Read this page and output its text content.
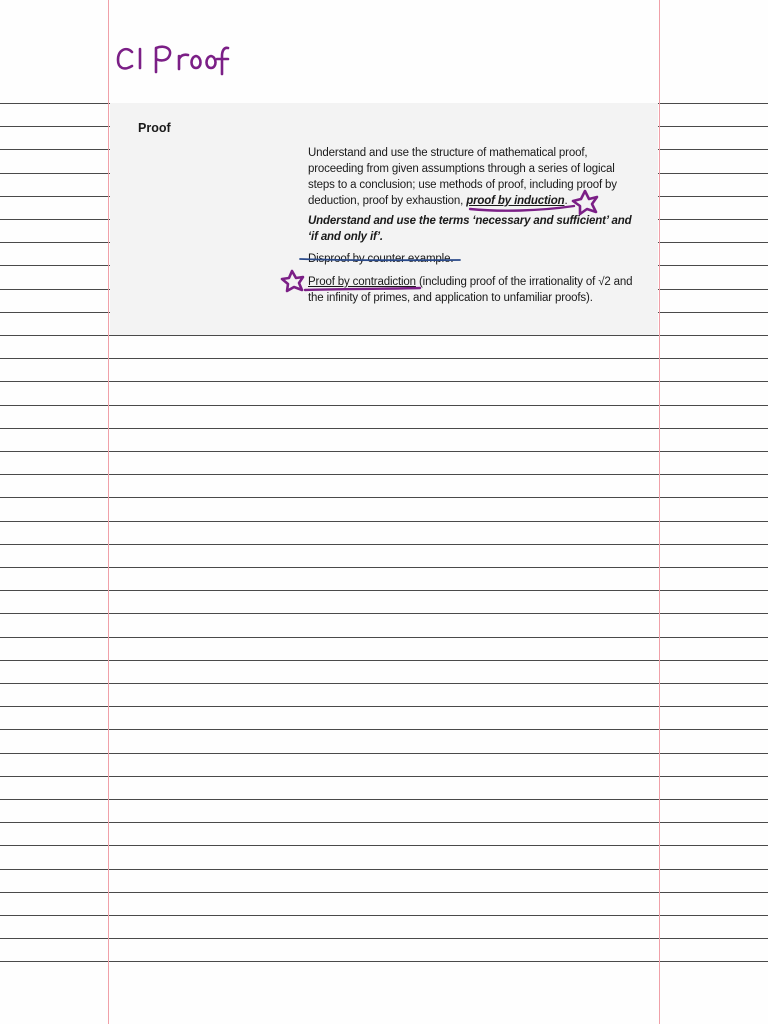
Proof
Understand and use the structure of mathematical proof, proceeding from given assumptions through a series of logical steps to a conclusion; use methods of proof, including proof by deduction, proof by exhaustion, proof by induction.
Understand and use the terms ‘necessary and sufficient’ and ‘if and only if’.
Disproof by counter example.
Proof by contradiction (including proof of the irrationality of √2 and the infinity of primes, and application to unfamiliar proofs).
